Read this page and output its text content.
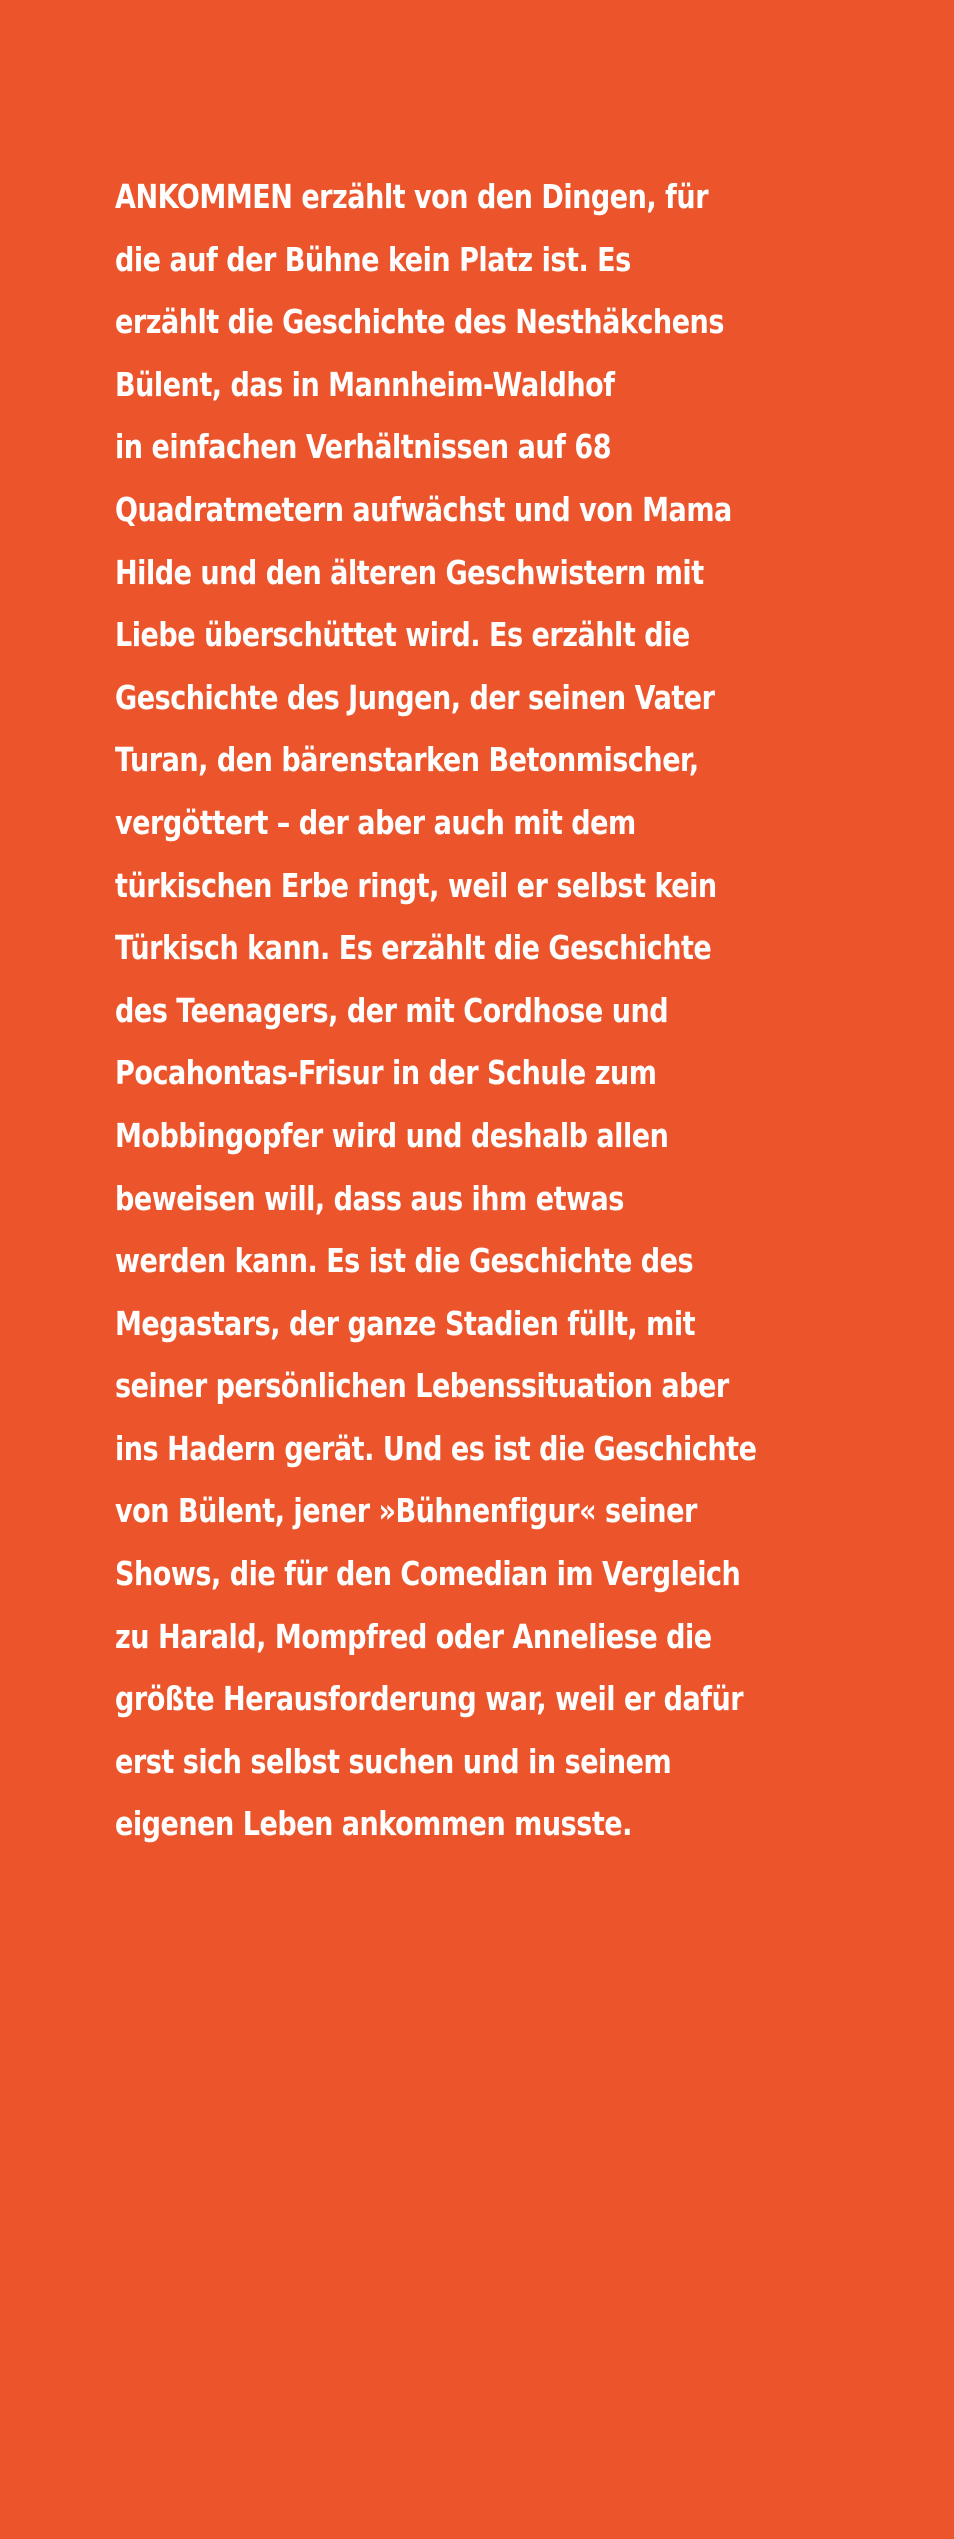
ANKOMMEN erzählt von den Dingen, für
die auf der Bühne kein Platz ist. Es
erzählt die Geschichte des Nesthäkchens
Bülent, das in Mannheim-Waldhof
in einfachen Verhältnissen auf 68
Quadratmetern aufwächst und von Mama
Hilde und den älteren Geschwistern mit
Liebe überschüttet wird. Es erzählt die
Geschichte des Jungen, der seinen Vater
Turan, den bärenstarken Betonmischer,
vergöttert – der aber auch mit dem
türkischen Erbe ringt, weil er selbst kein
Türkisch kann. Es erzählt die Geschichte
des Teenagers, der mit Cordhose und
Pocahontas-Frisur in der Schule zum
Mobbingopfer wird und deshalb allen
beweisen will, dass aus ihm etwas
werden kann. Es ist die Geschichte des
Megastars, der ganze Stadien füllt, mit
seiner persönlichen Lebenssituation aber
ins Hadern gerät. Und es ist die Geschichte
von Bülent, jener »Bühnenfigur« seiner
Shows, die für den Comedian im Vergleich
zu Harald, Mompfred oder Anneliese die
größte Herausforderung war, weil er dafür
erst sich selbst suchen und in seinem
eigenen Leben ankommen musste.
